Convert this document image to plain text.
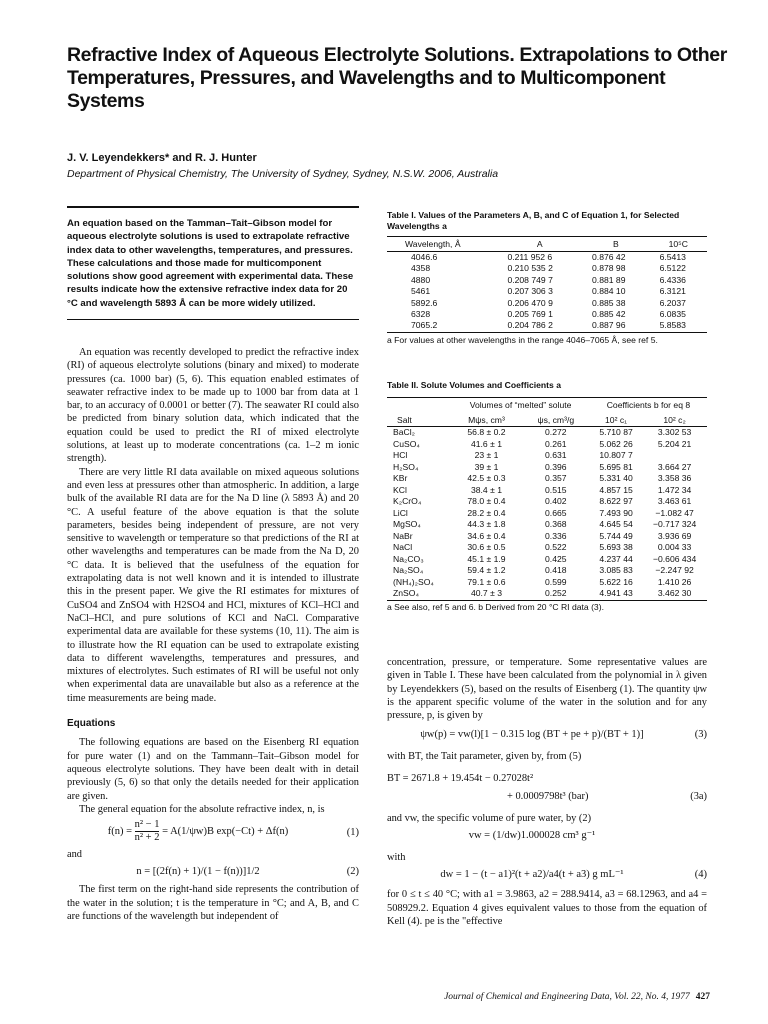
Refractive Index of Aqueous Electrolyte Solutions. Extrapolations to Other Temperatures, Pressures, and Wavelengths and to Multicomponent Systems
J. V. Leyendekkers* and R. J. Hunter
Department of Physical Chemistry, The University of Sydney, Sydney, N.S.W. 2006, Australia
An equation based on the Tamman–Tait–Gibson model for aqueous electrolyte solutions is used to extrapolate refractive index data to other wavelengths, temperatures, and pressures. These calculations and those made for multicomponent solutions show good agreement with experimental data. These results indicate how the extensive refractive index data for 20 °C and wavelength 5893 Å can be more widely utilized.

An equation was recently developed to predict the refractive index (RI) of aqueous electrolyte solutions (binary and mixed) to moderate pressures (ca. 1000 bar) (5, 6). This equation enabled estimates of seawater refractive index to be made up to 1000 bar from data at 1 bar, to an accuracy of 0.0001 or better (7). The seawater RI could also be predicted from binary solution data, which indicated that the equation could be used to predict the RI of mixed electrolyte solutions, at least up to moderate concentrations (ca. 1–2 m ionic strength).

There are very little RI data available on mixed aqueous solutions and even less at pressures other than atmospheric. In addition, a large bulk of the available RI data are for the Na D line (λ 5893 Å) and 20 °C. A useful feature of the above equation is that the solute parameters, besides being independent of pressure, are not very sensitive to wavelength or temperature so that predictions of the RI at other wavelengths and temperatures can be made from the Na D, 20 °C data. It is believed that the usefulness of the equation for extrapolating data is not well known and it is intended to illustrate this in the present paper. We give the RI estimates for mixtures of CuSO4 and ZnSO4 with H2SO4 and HCl, mixtures of KCl–HCl and NaCl–HCl, and pure solutions of KCl and NaCl. Comparative experimental data are available for these systems (10, 11). The aim is to illustrate how the RI equation can be used to extrapolate existing data to different wavelengths, temperatures and pressures, and mixtures of electrolytes. Such estimates of RI will be useful not only when experimental data are unavailable but also as a reference at the time measurements are being made.

Equations

The following equations are based on the Eisenberg RI equation for pure water (1) and on the Tammann–Tait–Gibson model for aqueous electrolyte solutions. They have been dealt with in detail previously (5, 6) so that only the details needed for their application are given.

The general equation for the absolute refractive index, n, is

$f(n) = \frac{\text{n² − 1}}{\text{n² + 2}} = A(1/\psi w)B$ exp(−Ct) + Δf(n)	(1)

and

n = [(2f(n) + 1)/(1 − f(n))]1/2	(2)

The first term on the right-hand side represents the contribution of the water in the solution; t is the temperature in °C; and A, B, and C are functions of the wavelength but independent of

Table I. Values of the Parameters A, B, and C of Equation 1, for Selected Wavelengths a
Wavelength, Å	A	B	10⁵C
4046.6	0.211 952 6	0.876 42	6.5413
4358	0.210 535 2	0.878 98	6.5122
4880	0.208 749 7	0.881 89	6.4336
5461	0.207 306 3	0.884 10	6.3121
5892.6	0.206 470 9	0.885 38	6.2037
6328	0.205 769 1	0.885 42	6.0835
7065.2	0.204 786 2	0.887 96	5.8583
a For values at other wavelengths in the range 4046–7065 Å, see ref 5.
Table II. Solute Volumes and Coefficients a
	Volumes of “melted” solute		Coefficients b for eq 8	
Salt	Mψs, cm³	ψs, cm³/g	10² c₁	10² c₂
BaCl₂	56.8 ± 0.2	0.272	5.710 87	3.302 53
CuSO₄	41.6 ± 1	0.261	5.062 26	5.204 21
HCl	23 ± 1	0.631	10.807 7	
H₂SO₄	39 ± 1	0.396	5.695 81	3.664 27
KBr	42.5 ± 0.3	0.357	5.331 40	3.358 36
KCl	38.4 ± 1	0.515	4.857 15	1.472 34
K₂CrO₄	78.0 ± 0.4	0.402	8.622 97	3.463 61
LiCl	28.2 ± 0.4	0.665	7.493 90	−1.082 47
MgSO₄	44.3 ± 1.8	0.368	4.645 54	−0.717 324
NaBr	34.6 ± 0.4	0.336	5.744 49	3.936 69
NaCl	30.6 ± 0.5	0.522	5.693 38	0.004 33
Na₂CO₃	45.1 ± 1.9	0.425	4.237 44	−0.606 434
Na₂SO₄	59.4 ± 1.2	0.418	3.085 83	−2.247 92
(NH₄)₂SO₄	79.1 ± 0.6	0.599	5.622 16	1.410 26
ZnSO₄	40.7 ± 3	0.252	4.941 43	3.462 30
a See also, ref 5 and 6. b Derived from 20 °C RI data (3).

concentration, pressure, or temperature. Some representative values are given in Table I. These have been calculated from the polynomial in λ given by Leyendekkers (5), based on the results of Eisenberg (1). The quantity ψw is the apparent specific volume of the water in the solution and for any pressure, p, is given by

ψw(p) = vw(l)[1 − 0.315 log (BT + pe + p)/(BT + 1)]	(3)

with BT, the Tait parameter, given by, from (5)

BT = 2671.8 + 19.454t − 0.27028t²
+ 0.0009798t³ (bar)	(3a)

and vw, the specific volume of pure water, by (2)

vw = (1/dw)1.000028 cm³ g⁻¹

with

dw = 1 − (t − a1)²(t + a2)/a4(t + a3) g mL⁻¹	(4)

for 0 ≤ t ≤ 40 °C; with a1 = 3.9863, a2 = 288.9414, a3 = 68.12963, and a4 = 508929.2. Equation 4 gives equivalent values to those from the equation of Kell (4). pe is the "effective

Journal of Chemical and Engineering Data, Vol. 22, No. 4, 1977 427
